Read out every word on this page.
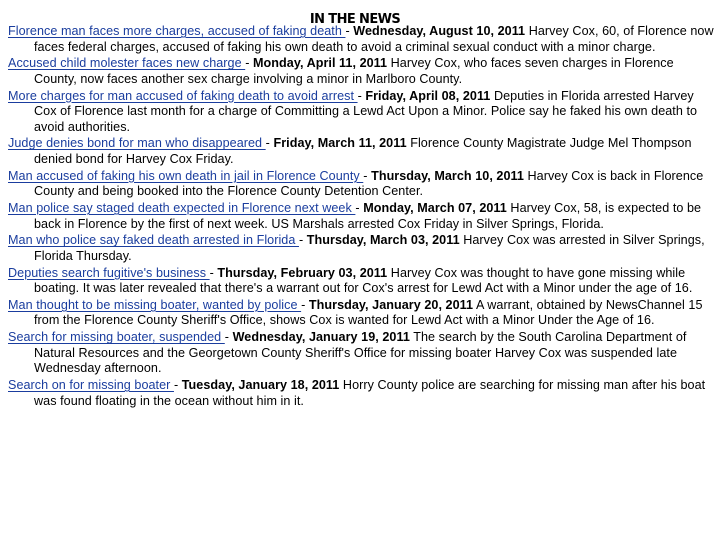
IN THE NEWS
Florence man faces more charges, accused of faking death - Wednesday, August 10, 2011 Harvey Cox, 60, of Florence now faces federal charges, accused of faking his own death to avoid a criminal sexual conduct with a minor charge.
Accused child molester faces new charge - Monday, April 11, 2011 Harvey Cox, who faces seven charges in Florence County, now faces another sex charge involving a minor in Marlboro County.
More charges for man accused of faking death to avoid arrest - Friday, April 08, 2011 Deputies in Florida arrested Harvey Cox of Florence last month for a charge of Committing a Lewd Act Upon a Minor. Police say he faked his own death to avoid authorities.
Judge denies bond for man who disappeared - Friday, March 11, 2011 Florence County Magistrate Judge Mel Thompson denied bond for Harvey Cox Friday.
Man accused of faking his own death in jail in Florence County - Thursday, March 10, 2011 Harvey Cox is back in Florence County and being booked into the Florence County Detention Center.
Man police say staged death expected in Florence next week - Monday, March 07, 2011 Harvey Cox, 58, is expected to be back in Florence by the first of next week. US Marshals arrested Cox Friday in Silver Springs, Florida.
Man who police say faked death arrested in Florida - Thursday, March 03, 2011 Harvey Cox was arrested in Silver Springs, Florida Thursday.
Deputies search fugitive's business - Thursday, February 03, 2011 Harvey Cox was thought to have gone missing while boating. It was later revealed that there's a warrant out for Cox's arrest for Lewd Act with a Minor under the age of 16.
Man thought to be missing boater, wanted by police - Thursday, January 20, 2011 A warrant, obtained by NewsChannel 15 from the Florence County Sheriff's Office, shows Cox is wanted for Lewd Act with a Minor Under the Age of 16.
Search for missing boater, suspended - Wednesday, January 19, 2011 The search by the South Carolina Department of Natural Resources and the Georgetown County Sheriff's Office for missing boater Harvey Cox was suspended late Wednesday afternoon.
Search on for missing boater - Tuesday, January 18, 2011 Horry County police are searching for missing man after his boat was found floating in the ocean without him in it.
